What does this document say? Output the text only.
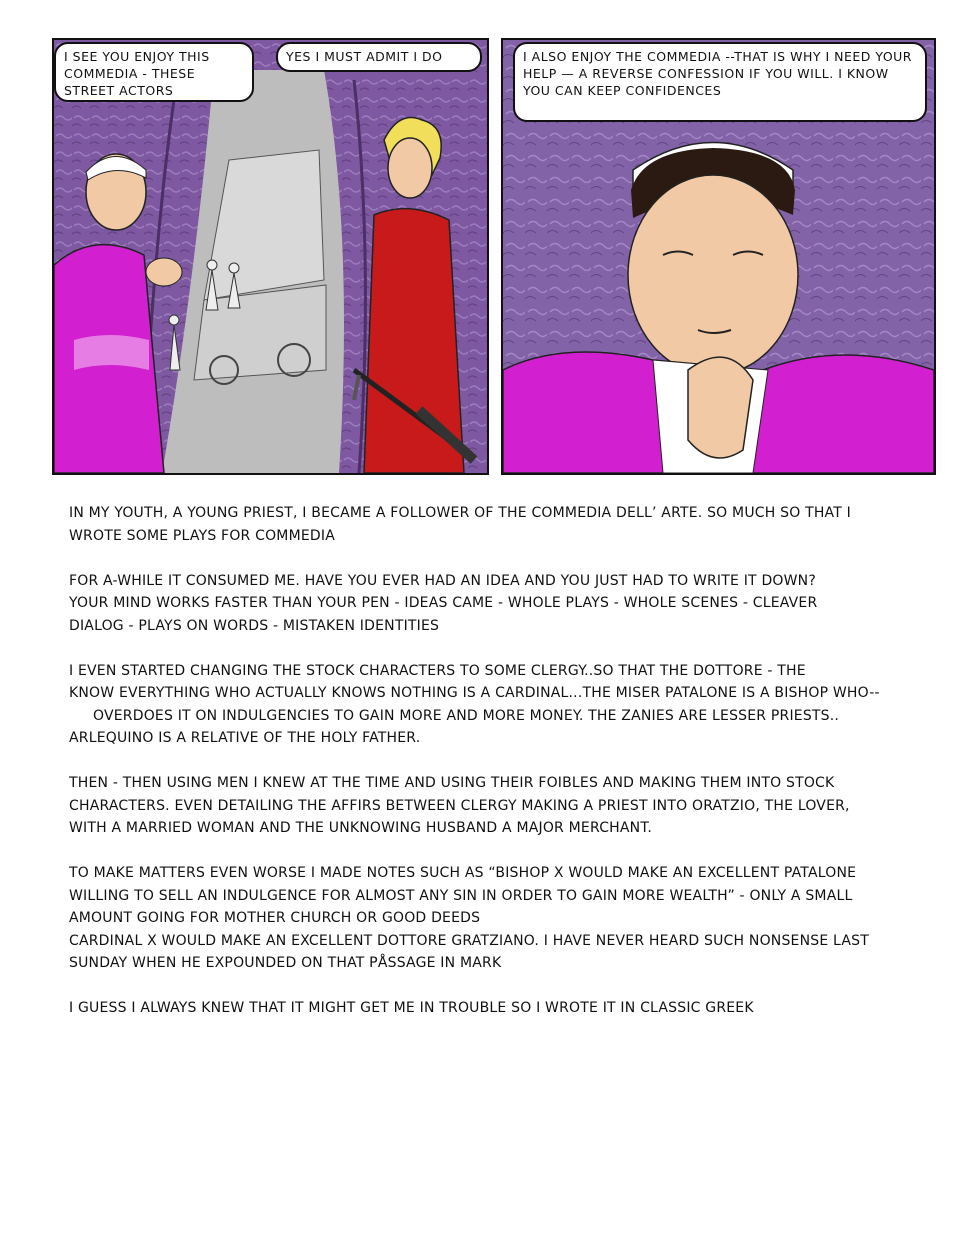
I SEE YOU ENJOY THIS COMMEDIA - THESE STREET ACTORS
YES I MUST ADMIT I DO	I ALSO ENJOY THE COMMEDIA --THAT IS WHY I NEED YOUR HELP — A REVERSE CONFESSION IF YOU WILL. I KNOW YOU CAN KEEP CONFIDENCES

IN MY YOUTH, A YOUNG PRIEST, I BECAME A FOLLOWER OF THE COMMEDIA DELL’ ARTE. SO MUCH SO THAT I
WROTE SOME PLAYS FOR COMMEDIA

FOR A-WHILE IT CONSUMED ME. HAVE YOU EVER HAD AN IDEA AND YOU JUST HAD TO WRITE IT DOWN?
YOUR MIND WORKS FASTER THAN YOUR PEN - IDEAS CAME - WHOLE PLAYS - WHOLE SCENES - CLEAVER
DIALOG - PLAYS ON WORDS - MISTAKEN IDENTITIES

I EVEN STARTED CHANGING THE STOCK CHARACTERS TO SOME CLERGY..SO THAT THE DOTTORE - THE
KNOW EVERYTHING WHO ACTUALLY KNOWS NOTHING IS A CARDINAL...THE MISER PATALONE IS A BISHOP WHO--
OVERDOES IT ON INDULGENCIES TO GAIN MORE AND MORE MONEY. THE ZANIES ARE LESSER PRIESTS..
ARLEQUINO IS A RELATIVE OF THE HOLY FATHER.

THEN - THEN USING MEN I KNEW AT THE TIME AND USING THEIR FOIBLES AND MAKING THEM INTO STOCK
CHARACTERS. EVEN DETAILING THE AFFIRS BETWEEN CLERGY MAKING A PRIEST INTO ORATZIO, THE LOVER,
WITH A MARRIED WOMAN AND THE UNKNOWING HUSBAND A MAJOR MERCHANT.

TO MAKE MATTERS EVEN WORSE I MADE NOTES SUCH AS “BISHOP X WOULD MAKE AN EXCELLENT PATALONE
WILLING TO SELL AN INDULGENCE FOR ALMOST ANY SIN IN ORDER TO GAIN MORE WEALTH” - ONLY A SMALL
AMOUNT GOING FOR MOTHER CHURCH OR GOOD DEEDS
CARDINAL X WOULD MAKE AN EXCELLENT DOTTORE GRATZIANO. I HAVE NEVER HEARD SUCH NONSENSE LAST
SUNDAY WHEN HE EXPOUNDED ON THAT PÅSSAGE IN MARK

I GUESS I ALWAYS KNEW THAT IT MIGHT GET ME IN TROUBLE SO I WROTE IT IN CLASSIC GREEK
